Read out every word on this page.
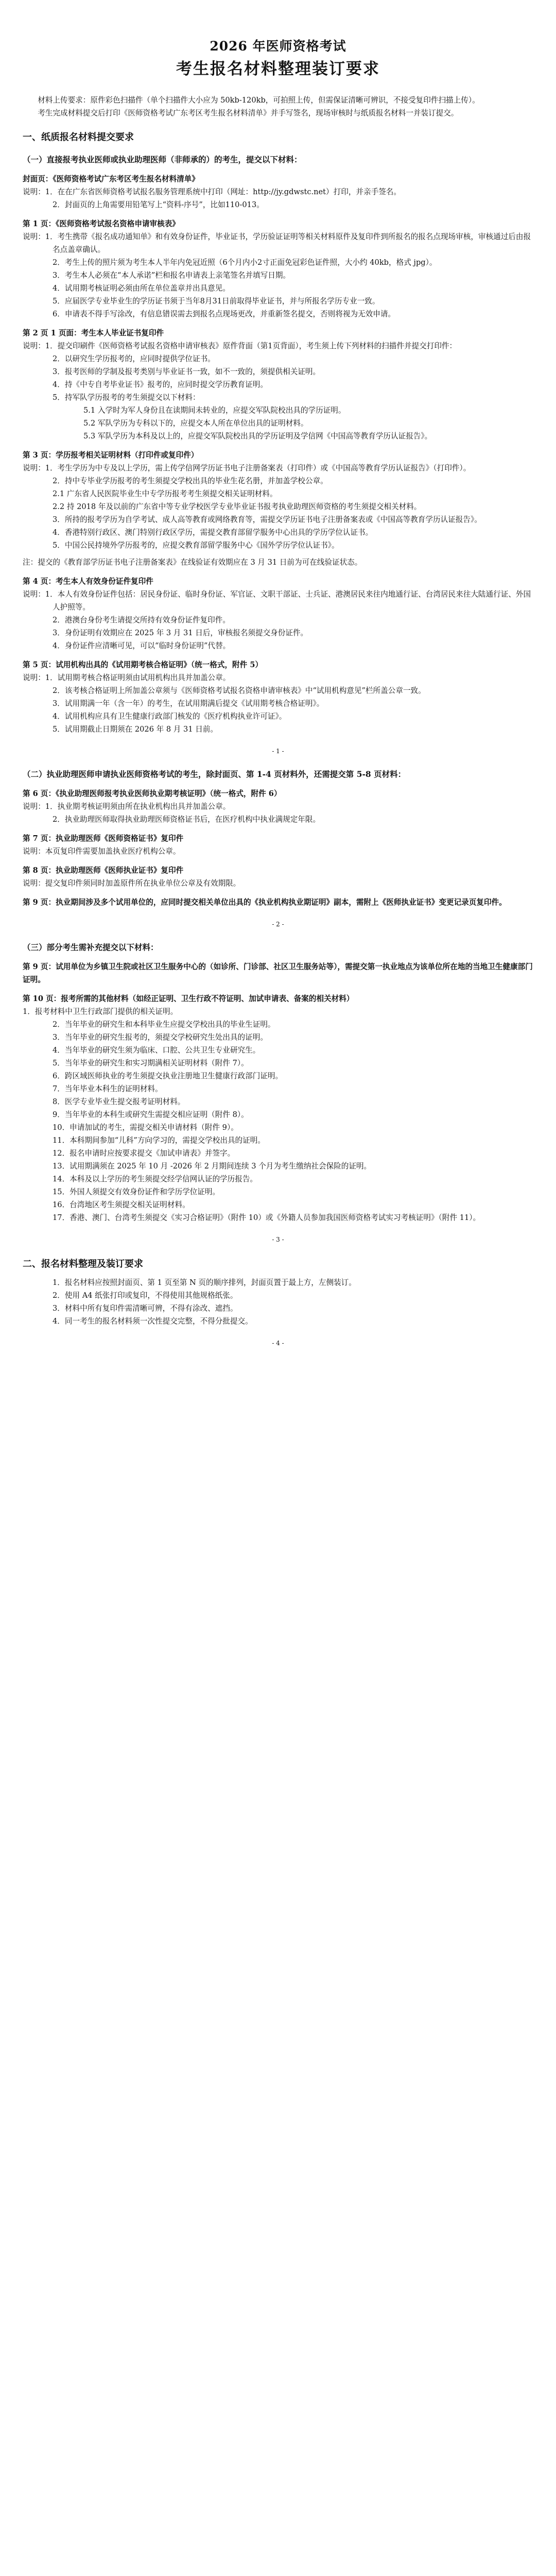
2026 年医师资格考试
考生报名材料整理装订要求

材料上传要求：原件彩色扫描件（单个扫描件大小应为 50kb-120kb，可拍照上传，但需保证清晰可辨识，不接受复印件扫描上传）。

考生完成材料提交后打印《医师资格考试广东考区考生报名材料清单》并手写签名，现场审核时与纸质报名材料一并装订提交。

一、纸质报名材料提交要求
（一）直接报考执业医师或执业助理医师（非师承的）的考生，提交以下材料：

封面页：《医师资格考试广东考区考生报名材料清单》

说明：1．在在广东省医师资格考试报名服务管理系统中打印（网址：http://jy.gdwstc.net）打印，并亲手签名。

2．封面页的上角需要用铅笔写上“资料-序号”，比如110-013。

第 1 页：《医师资格考试报名资格申请审核表》

说明：1．考生携带《报名成功通知单》和有效身份证件，毕业证书，学历验证证明等相关材料原件及复印件到所报名的报名点现场审核，审核通过后由报名点盖章确认。

2．考生上传的照片须为考生本人半年内免冠近照（6个月内小2寸正面免冠彩色证件照，大小约 40kb，格式 jpg）。

3．考生本人必须在“本人承诺”栏和报名申请表上亲笔签名并填写日期。

4．试用期考核证明必须由所在单位盖章并出具意见。

5．应届医学专业毕业生的学历证书须于当年8月31日前取得毕业证书，并与所报名学历专业一致。

6．申请表不得手写涂改，有信息错误需去到报名点现场更改，并重新签名提交，否则将视为无效申请。

第 2 页 1 页面：考生本人毕业证书复印件

说明：1．提交印刷件《医师资格考试报名资格申请审核表》原件背面（第1页背面），考生须上传下列材料的扫描件并提交打印件：

2．以研究生学历报考的，应同时提供学位证书。

3．报考医师的学制及报考类别与毕业证书一致，如不一致的，须提供相关证明。

4．持《中专自考毕业证书》报考的，应同时提交学历教育证明。

5．持军队学历报考的考生须提交以下材料：

5.1 入学时为军人身份且在读期间未转业的，应提交军队院校出具的学历证明。

5.2 军队学历为专科以下的，应提交本人所在单位出具的证明材料。

5.3 军队学历为本科及以上的，应提交军队院校出具的学历证明及学信网《中国高等教育学历认证报告》。

第 3 页：学历报考相关证明材料（打印件或复印件）

说明：1．考生学历为中专及以上学历，需上传学信网学历证书电子注册备案表（打印件）或《中国高等教育学历认证报告》（打印件）。

2．持中专毕业学历报考的考生须提交学校出具的毕业生花名册，并加盖学校公章。

2.1 广东省人民医院毕业生中专学历报考考生须提交相关证明材料。

2.2 持 2018 年及以前的广东省中等专业学校医学专业毕业证书报考执业助理医师资格的考生须提交相关材料。

3．所持的报考学历为自学考试、成人高等教育或网络教育等，需提交学历证书电子注册备案表或《中国高等教育学历认证报告》。

4．香港特别行政区、澳门特别行政区学历，需提交教育部留学服务中心出具的学历学位认证书。

5．中国公民持境外学历报考的，应提交教育部留学服务中心《国外学历学位认证书》。

注：提交的《教育部学历证书电子注册备案表》在线验证有效期应在 3 月 31 日前为可在线验证状态。

第 4 页：考生本人有效身份证件复印件

说明：1．本人有效身份证件包括：居民身份证、临时身份证、军官证、文职干部证、士兵证、港澳居民来往内地通行证、台湾居民来往大陆通行证、外国人护照等。

2．港澳台身份考生请提交所持有效身份证件复印件。

3．身份证明有效期应在 2025 年 3 月 31 日后，审核报名须提交身份证件。

4．身份证件应清晰可见，可以“临时身份证明”代替。

第 5 页：试用机构出具的《试用期考核合格证明》（统一格式，附件 5）

说明：1．试用期考核合格证明须由试用机构出具并加盖公章。

2．该考核合格证明上所加盖公章须与《医师资格考试报名资格申请审核表》中“试用机构意见”栏所盖公章一致。

3．试用期满一年（含一年）的考生，在试用期满后提交《试用期考核合格证明》。

4．试用机构应具有卫生健康行政部门核发的《医疗机构执业许可证》。

5．试用期截止日期须在 2026 年 8 月 31 日前。

- 1 -
（二）执业助理医师申请执业医师资格考试的考生，除封面页、第 1-4 页材料外，还需提交第 5-8 页材料：

第 6 页：《执业助理医师报考执业医师执业期考核证明》（统一格式，附件 6）

说明：1．执业期考核证明须由所在执业机构出具并加盖公章。

2．执业助理医师取得执业助理医师资格证书后，在医疗机构中执业满规定年限。

第 7 页：执业助理医师《医师资格证书》复印件

说明：本页复印件需要加盖执业医疗机构公章。

第 8 页：执业助理医师《医师执业证书》复印件

说明：提交复印件须同时加盖原件所在执业单位公章及有效期限。

第 9 页：执业期间涉及多个试用单位的，应同时提交相关单位出具的《执业机构执业期证明》副本，需附上《医师执业证书》变更记录页复印件。

- 2 -
（三）部分考生需补充提交以下材料：

第 9 页：试用单位为乡镇卫生院或社区卫生服务中心的（如诊所、门诊部、社区卫生服务站等），需提交第一执业地点为该单位所在地的当地卫生健康部门证明。

第 10 页：报考所需的其他材料（如经正证明、卫生行政不符证明、加试申请表、备案的相关材料）

1．报考材料中卫生行政部门提供的相关证明。

2．当年毕业的研究生和本科毕业生应提交学校出具的毕业生证明。

3．当年毕业的研究生报考的，须提交学校研究生处出具的证明。

4．当年毕业的研究生须为临床、口腔、公共卫生专业研究生。

5．当年毕业的研究生和实习期满相关证明材料（附件 7）。

6．跨区域医师执业的考生须提交执业注册地卫生健康行政部门证明。

7．当年毕业本科生的证明材料。

8．医学专业毕业生提交报考证明材料。

9．当年毕业的本科生或研究生需提交相应证明（附件 8）。

10．申请加试的考生，需提交相关申请材料（附件 9）。

11．本科期间参加“儿科”方向学习的，需提交学校出具的证明。

12．报名申请时应按要求提交《加试申请表》并签字。

13．试用期满须在 2025 年 10 月 -2026 年 2 月期间连续 3 个月为考生缴纳社会保险的证明。

14．本科及以上学历的考生须提交经学信网认证的学历报告。

15．外国人须提交有效身份证件和学历学位证明。

16．台湾地区考生须提交相关证明材料。

17．香港、澳门、台湾考生须提交《实习合格证明》（附件 10）或《外籍人员参加我国医师资格考试实习考核证明》（附件 11）。

- 3 -
二、报名材料整理及装订要求

1．报名材料应按照封面页、第 1 页至第 N 页的顺序排列，封面页置于最上方，左侧装订。

2．使用 A4 纸张打印或复印，不得使用其他规格纸张。

3．材料中所有复印件需清晰可辨，不得有涂改、遮挡。

4．同一考生的报名材料须一次性提交完整，不得分批提交。

- 4 -
